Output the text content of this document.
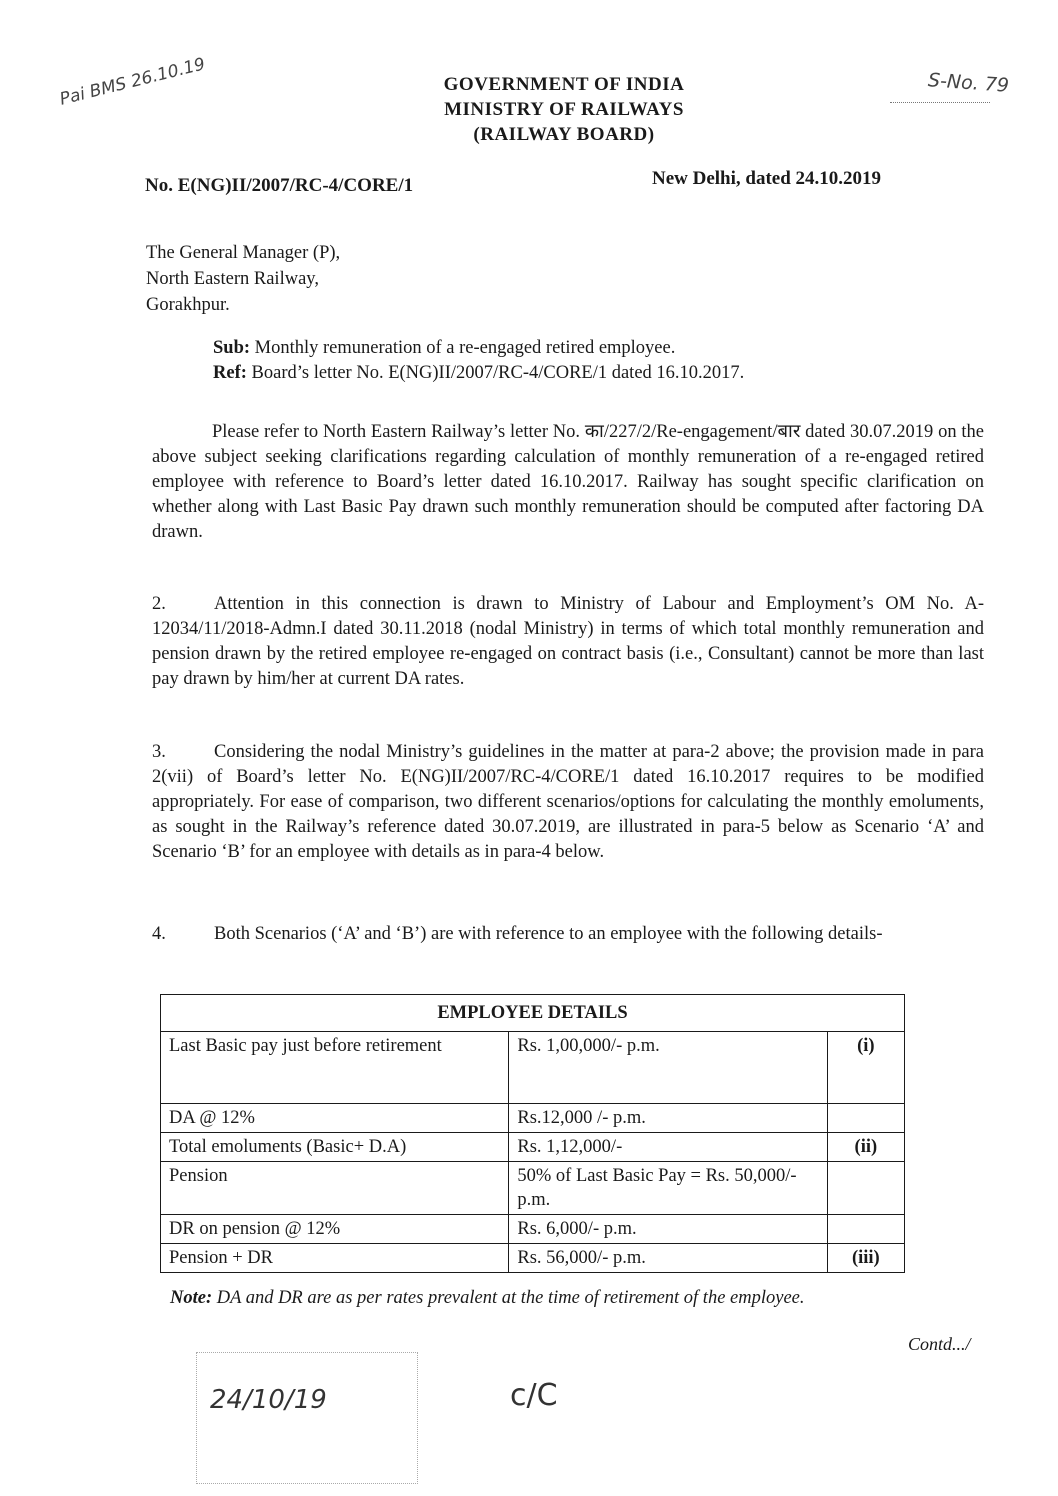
Pai BMS 26.10.19	S-No. 79
GOVERNMENT OF INDIA
MINISTRY OF RAILWAYS
(RAILWAY BOARD)
No. E(NG)II/2007/RC-4/CORE/1	New Delhi, dated 24.10.2019
The General Manager (P),
North Eastern Railway,
Gorakhpur.
Sub: Monthly remuneration of a re-engaged retired employee.
Ref: Board’s letter No. E(NG)II/2007/RC-4/CORE/1 dated 16.10.2017.
Please refer to North Eastern Railway’s letter No. का/227/2/Re-engagement/बार dated 30.07.2019 on the above subject seeking clarifications regarding calculation of monthly remuneration of a re-engaged retired employee with reference to Board’s letter dated 16.10.2017. Railway has sought specific clarification on whether along with Last Basic Pay drawn such monthly remuneration should be computed after factoring DA drawn.
2.	Attention in this connection is drawn to Ministry of Labour and Employment’s OM No. A-12034/11/2018-Admn.I dated 30.11.2018 (nodal Ministry) in terms of which total monthly remuneration and pension drawn by the retired employee re-engaged on contract basis (i.e., Consultant) cannot be more than last pay drawn by him/her at current DA rates.
3.	Considering the nodal Ministry’s guidelines in the matter at para-2 above; the provision made in para 2(vii) of Board’s letter No. E(NG)II/2007/RC-4/CORE/1 dated 16.10.2017 requires to be modified appropriately. For ease of comparison, two different scenarios/options for calculating the monthly emoluments, as sought in the Railway’s reference dated 30.07.2019, are illustrated in para-5 below as Scenario ‘A’ and Scenario ‘B’ for an employee with details as in para-4 below.
4.	Both Scenarios (‘A’ and ‘B’) are with reference to an employee with the following details-
EMPLOYEE DETAILS		
Last Basic pay just before retirement	Rs. 1,00,000/- p.m.	(i)
DA @ 12%	Rs.12,000 /- p.m.	
Total emoluments (Basic+ D.A)	Rs. 1,12,000/-	(ii)
Pension	50% of Last Basic Pay = Rs. 50,000/- p.m.	
DR on pension @ 12%	Rs. 6,000/- p.m.	
Pension + DR	Rs. 56,000/- p.m.	(iii)
Note: DA and DR are as per rates prevalent at the time of retirement of the employee.
Contd.../
24/10/19	c/C
